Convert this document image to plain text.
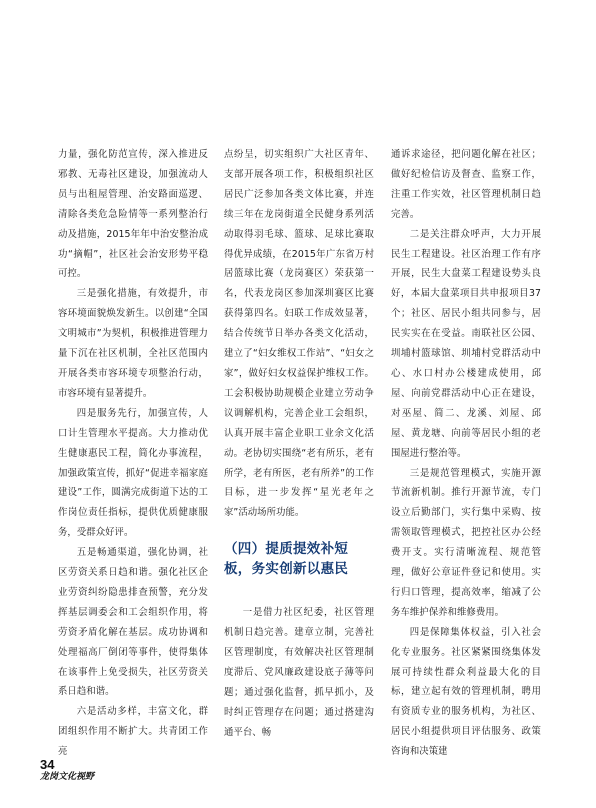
力量，强化防范宣传，深入推进反邪教、无毒社区建设，加强流动人员与出租屋管理、治安路面巡逻、清除各类危急险情等一系列整治行动及措施，2015年年中治安整治成功“摘帽”，社区社会治安形势平稳可控。

三是强化措施，有效提升，市容环境面貌焕发新生。以创建“全国文明城市”为契机，积极推进管理力量下沉在社区机制，全社区范围内开展各类市容环境专项整治行动，市容环境有显著提升。

四是服务先行，加强宣传，人口计生管理水平提高。大力推动优生健康惠民工程，简化办事流程，加强政策宣传，抓好“促进幸福家庭建设”工作，圆满完成街道下达的工作岗位责任指标，提供优质健康服务，受群众好评。

五是畅通渠道，强化协调，社区劳资关系日趋和谐。强化社区企业劳资纠纷隐患排查预警，充分发挥基层调委会和工会组织作用，将劳资矛盾化解在基层。成功协调和处理福高厂倒闭等事件，使得集体在该事件上免受损失，社区劳资关系日趋和谐。

六是活动多样，丰富文化，群团组织作用不断扩大。共青团工作亮

点纷呈，切实组织广大社区青年、支部开展各项工作，积极组织社区居民广泛参加各类文体比赛，并连续三年在龙岗街道全民健身系列活动取得羽毛球、篮球、足球比赛取得优异成绩，在2015年广东省万村居篮球比赛（龙岗赛区）荣获第一名，代表龙岗区参加深圳赛区比赛获得第四名。妇联工作成效显著，结合传统节日举办各类文化活动，建立了“妇女维权工作站”、“妇女之家”，做好妇女权益保护维权工作。工会积极协助规模企业建立劳动争议调解机构，完善企业工会组织，认真开展丰富企业职工业余文化活动。老协切实围绕“老有所乐，老有所学，老有所医，老有所养”的工作目标，进一步发挥“星光老年之家”活动场所功能。

（四）提质提效补短板，务实创新以惠民

一是借力社区纪委，社区管理机制日趋完善。建章立制，完善社区管理制度，有效解决社区管理制度滞后、党风廉政建设底子薄等问题；通过强化监督，抓早抓小，及时纠正管理存在问题；通过搭建沟通平台、畅

通诉求途径，把问题化解在社区；做好纪检信访及督查、监察工作，注重工作实效，社区管理机制日趋完善。

二是关注群众呼声，大力开展民生工程建设。社区治理工作有序开展，民生大盘菜工程建设势头良好，本届大盘菜项目共申报项目37个；社区、居民小组共同参与，居民实实在在受益。南联社区公园、圳埔村篮球馆、圳埔村党群活动中心、水口村办公楼建成使用，邱屋、向前党群活动中心正在建设，对巫屋、简二、龙溪、刘屋、邱屋、黄龙塘、向前等居民小组的老围屋进行整治等。

三是规范管理模式，实施开源节流新机制。推行开源节流，专门设立后勤部门，实行集中采购、按需领取管理模式，把控社区办公经费开支。实行清晰流程、规范管理，做好公章证件登记和使用。实行归口管理，提高效率，缩减了公务车维护保养和维修费用。

四是保障集体权益，引入社会化专业服务。社区紧紧围绕集体发展可持续性群众利益最大化的目标，建立起有效的管理机制，聘用有资质专业的服务机构，为社区、居民小组提供项目评估服务、政策咨询和决策建

34
龙岗文化视野
